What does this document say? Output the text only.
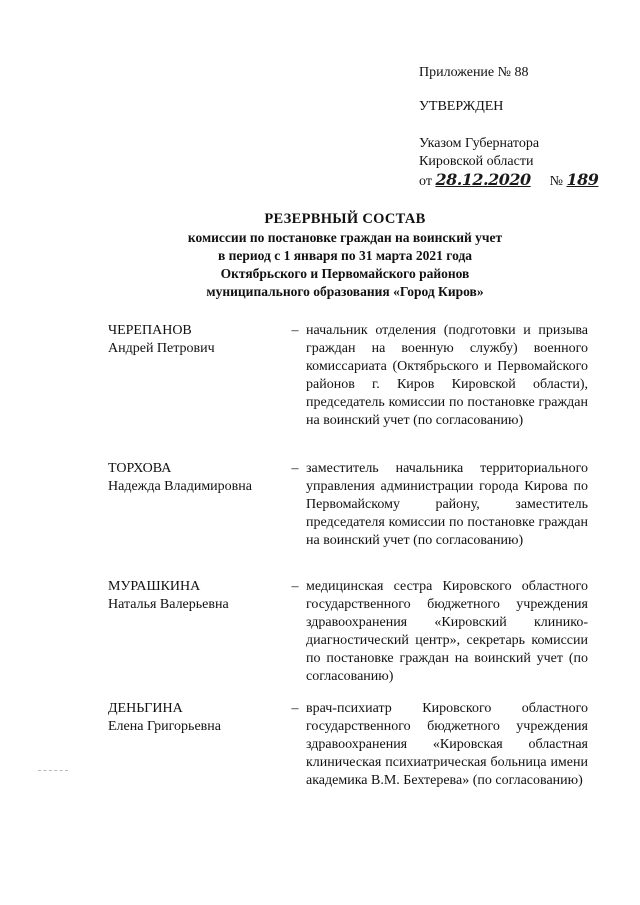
Приложение № 88
УТВЕРЖДЕН
Указом Губернатора
Кировской области
от 28.12.2020 № 189
РЕЗЕРВНЫЙ СОСТАВ
комиссии по постановке граждан на воинский учет
в период с 1 января по 31 марта 2021 года
Октябрьского и Первомайского районов
муниципального образования «Город Киров»
ЧЕРЕПАНОВ
Андрей Петрович
– начальник отделения (подготовки и призыва граждан на военную службу) военного комиссариата (Октябрьского и Первомайского районов г. Киров Кировской области), председатель комиссии по постановке граждан на воинский учет (по согласованию)
ТОРХОВА
Надежда Владимировна
– заместитель начальника территориального управления администрации города Кирова по Первомайскому району, заместитель председателя комиссии по постановке граждан на воинский учет (по согласованию)
МУРАШКИНА
Наталья Валерьевна
– медицинская сестра Кировского областного государственного бюджетного учреждения здравоохранения «Кировский клинико-диагностический центр», секретарь комиссии по постановке граждан на воинский учет (по согласованию)
ДЕНЬГИНА
Елена Григорьевна
– врач-психиатр Кировского областного государственного бюджетного учреждения здравоохранения «Кировская областная клиническая психиатрическая больница имени академика В.М. Бехтерева» (по согласованию)
